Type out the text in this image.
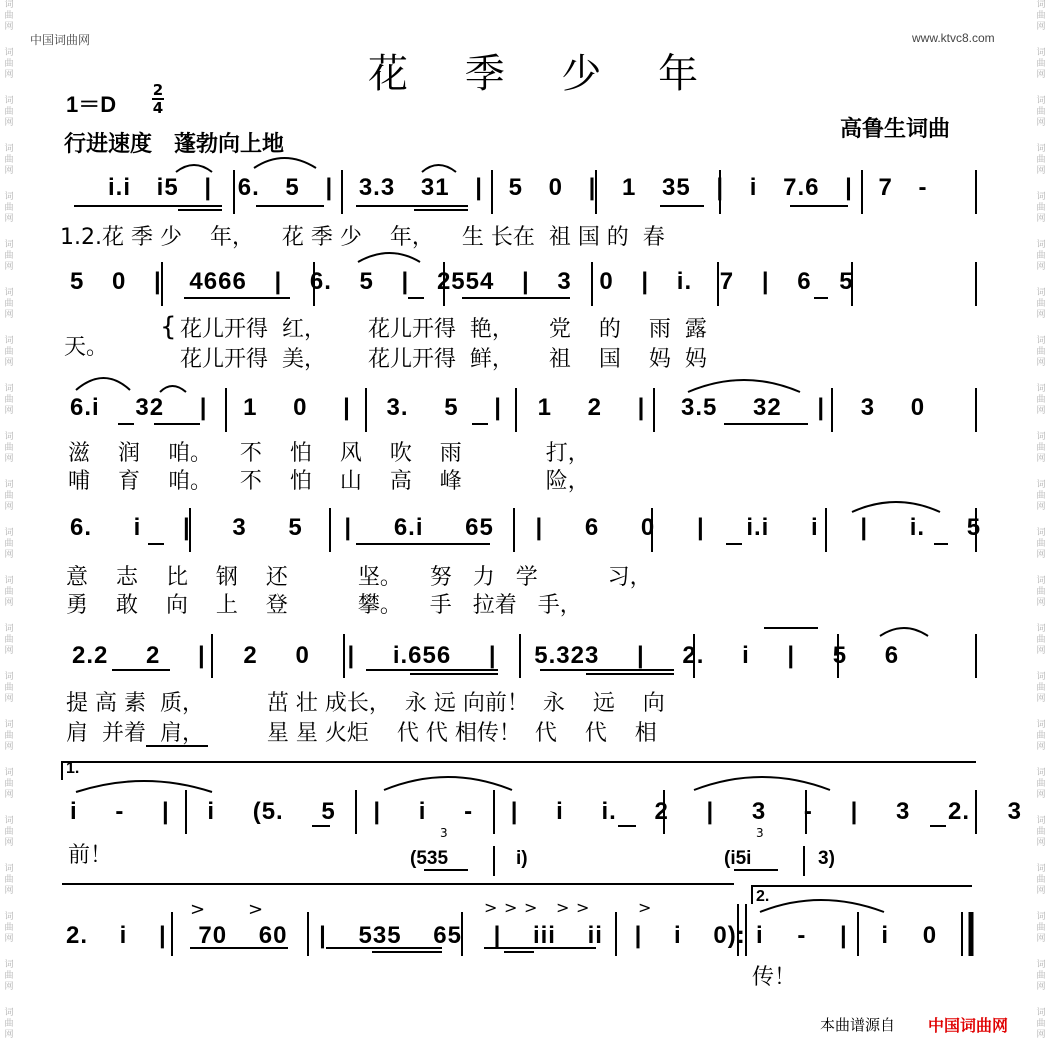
词
曲
网
词
曲
网
词
曲
网
词
曲
网
词
曲
网
词
曲
网
词
曲
网
词
曲
网
词
曲
网
词
曲
网
词
曲
网
词
曲
网
词
曲
网
词
曲
网
词
曲
网
词
曲
网
词
曲
网
词
曲
网
词
曲
网
词
曲
网
词
曲
网
词
曲
网
词
曲
网
词
曲
网
词
曲
网
词
曲
网
词
曲
网
词
曲
网
词
曲
网
词
曲
网
词
曲
网
词
曲
网
词
曲
网
词
曲
网
词
曲
网
词
曲
网
词
曲
网
词
曲
网
词
曲
网
词
曲
网
词
曲
网
词
曲
网
词
曲
网
词
曲
网
中国词曲网	www.ktvc8.com
花 季 少 年
1＝D
2

4
行进速度　蓬勃向上地
高鲁生词曲
> >	> > > > >	>
i.i i5 | 6. 5 | 3.3 31 | 5 0 | 1 35 | i 7.6 | 7 -
1.2.花 季 少    年，    花 季 少    年，    生 长在  祖 国 的  春
5 0 | 4666 | 6. 5 | 2554 | 3 0 | i. 7 | 6 5
天。
{ 花儿开得  红，      花儿开得  艳，     党    的    雨  露
花儿开得  美，      花儿开得  鲜，     祖    国    妈  妈
6.i 32 | 1 0 | 3. 5 | 1 2 | 3.5 32 | 3 0
滋    润    咱。    不    怕    风    吹    雨            打，
哺    育    咱。    不    怕    山    高    峰            险，
6. i | 3 5 | 6.i 65 | 6 0 | i.i i | i. 5
意    志    比    钢    还          坚。    努   力   学          习，
勇    敢    向    上    登          攀。    手   拉着   手，
2.2 2 | 2 0 | i.656 | 5.323 | 2. i | 5 6
提 高 素  质，         茁 壮 成长，  永 远 向前！  永    远    向
肩  并着  肩，         星 星 火炬    代 代 相传！  代    代    相
1.
i - | i (5. 5 | i - | i i. 2 | 3 - | 3 2. 3
前！
3
(535	i)
3
(i5i	3)
2. i | 70 60 | 535 65 | iii ii | i 0):
2.
i - | i 0
传！
本曲谱源自 中国词曲网
